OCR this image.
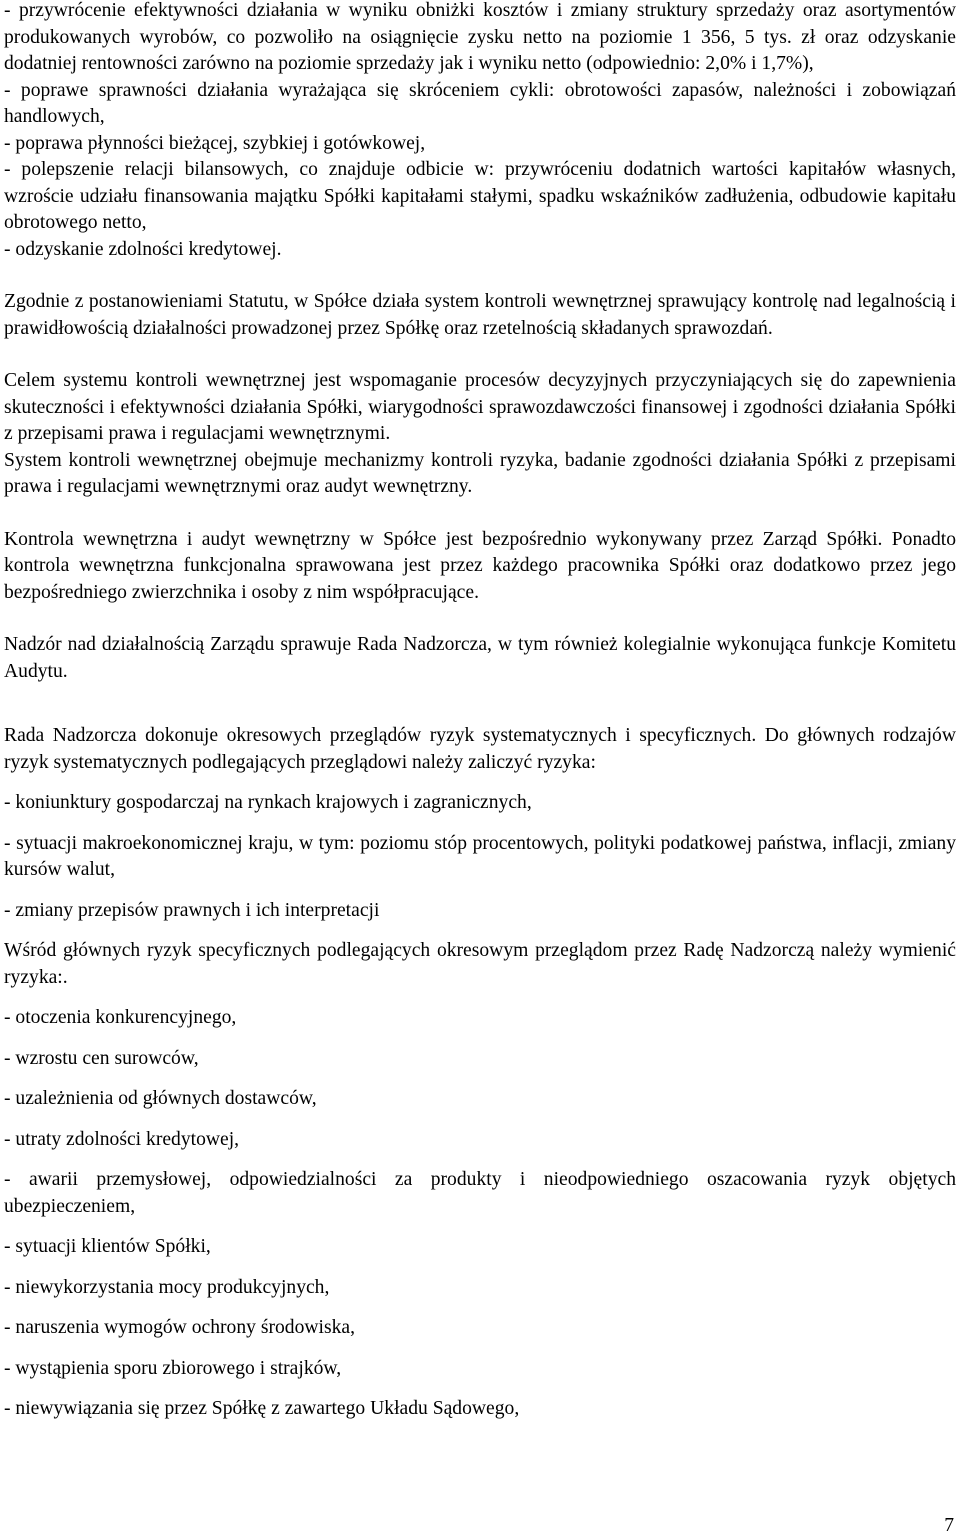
- przywrócenie efektywności działania w wyniku obniżki kosztów i zmiany struktury sprzedaży oraz asortymentów produkowanych wyrobów, co pozwoliło na osiągnięcie zysku netto na poziomie 1 356, 5 tys. zł oraz odzyskanie dodatniej rentowności zarówno na poziomie sprzedaży jak i wyniku netto (odpowiednio: 2,0% i 1,7%),

- poprawe sprawności działania wyrażająca się skróceniem cykli: obrotowości zapasów, należności i zobowiązań handlowych,

- poprawa płynności bieżącej, szybkiej i gotówkowej,

- polepszenie relacji bilansowych, co znajduje odbicie w: przywróceniu dodatnich wartości kapitałów własnych, wzroście udziału finansowania majątku Spółki kapitałami stałymi, spadku wskaźników zadłużenia, odbudowie kapitału obrotowego netto,

- odzyskanie zdolności kredytowej.

Zgodnie z postanowieniami Statutu, w Spółce działa system kontroli wewnętrznej sprawujący kontrolę nad legalnością i prawidłowością działalności prowadzonej przez Spółkę oraz rzetelnością składanych sprawozdań.

Celem systemu kontroli wewnętrznej jest wspomaganie procesów decyzyjnych przyczyniających się do zapewnienia skuteczności i efektywności działania Spółki, wiarygodności sprawozdawczości finansowej i zgodności działania Spółki z przepisami prawa i regulacjami wewnętrznymi.

System kontroli wewnętrznej obejmuje mechanizmy kontroli ryzyka, badanie zgodności działania Spółki z przepisami prawa i regulacjami wewnętrznymi oraz audyt wewnętrzny.

Kontrola wewnętrzna i audyt wewnętrzny w Spółce jest bezpośrednio wykonywany przez Zarząd Spółki. Ponadto kontrola wewnętrzna funkcjonalna sprawowana jest przez każdego pracownika Spółki oraz dodatkowo przez jego bezpośredniego zwierzchnika i osoby z nim współpracujące.

Nadzór nad działalnością Zarządu sprawuje Rada Nadzorcza, w tym również kolegialnie wykonująca funkcje Komitetu Audytu.

Rada Nadzorcza dokonuje okresowych przeglądów ryzyk systematycznych i specyficznych. Do głównych rodzajów ryzyk systematycznych podlegających przeglądowi należy zaliczyć ryzyka:

- koniunktury gospodarczaj na rynkach krajowych i zagranicznych,

- sytuacji makroekonomicznej kraju, w tym: poziomu stóp procentowych, polityki podatkowej państwa, inflacji, zmiany kursów walut,

- zmiany przepisów prawnych i ich interpretacji

Wśród głównych ryzyk specyficznych podlegających okresowym przeglądom przez Radę Nadzorczą należy wymienić ryzyka:.

- otoczenia konkurencyjnego,

- wzrostu cen surowców,

- uzależnienia od głównych dostawców,

- utraty zdolności kredytowej,

- awarii przemysłowej, odpowiedzialności za produkty i nieodpowiedniego oszacowania ryzyk objętych ubezpieczeniem,

- sytuacji klientów Spółki,

- niewykorzystania mocy produkcyjnych,

- naruszenia wymogów ochrony środowiska,

- wystąpienia sporu zbiorowego i strajków,

- niewywiązania się przez Spółkę z zawartego Układu Sądowego,

7
